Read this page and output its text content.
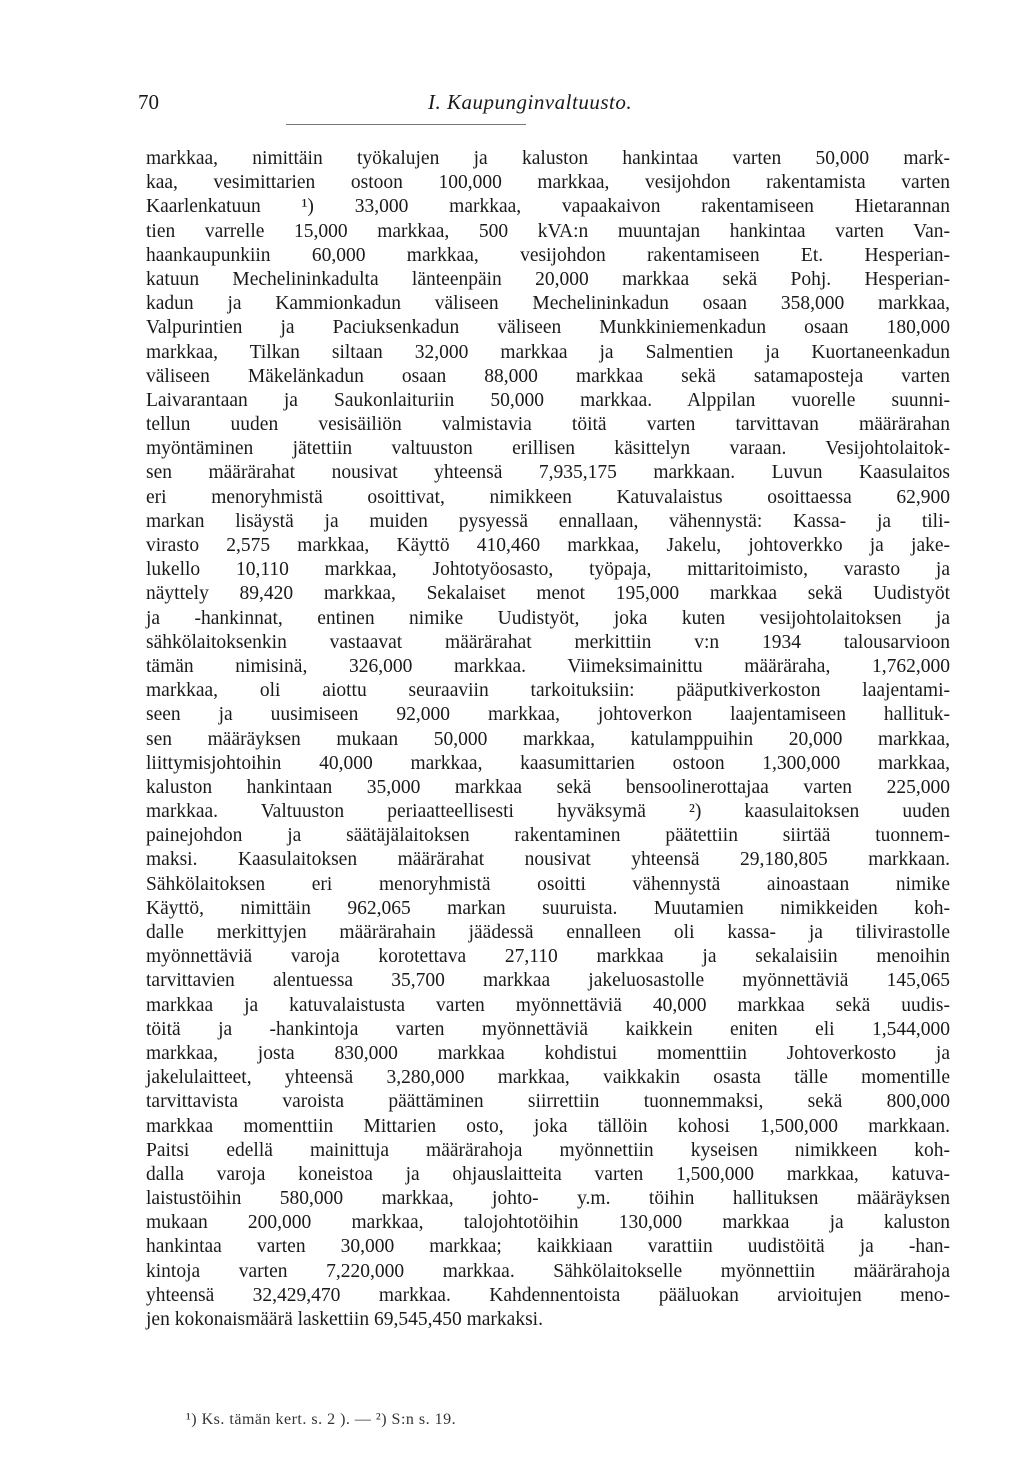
70	I. Kaupunginvaltuusto.
markkaa, nimittäin työkalujen ja kaluston hankintaa varten 50,000 mark-
kaa, vesimittarien ostoon 100,000 markkaa, vesijohdon rakentamista varten
Kaarlenkatuun ¹) 33,000 markkaa, vapaakaivon rakentamiseen Hietarannan
tien varrelle 15,000 markkaa, 500 kVA:n muuntajan hankintaa varten Van-
haankaupunkiin 60,000 markkaa, vesijohdon rakentamiseen Et. Hesperian-
katuun Mechelininkadulta länteenpäin 20,000 markkaa sekä Pohj. Hesperian-
kadun ja Kammionkadun väliseen Mechelininkadun osaan 358,000 markkaa,
Valpurintien ja Paciuksenkadun väliseen Munkkiniemenkadun osaan 180,000
markkaa, Tilkan siltaan 32,000 markkaa ja Salmentien ja Kuortaneenkadun
väliseen Mäkelänkadun osaan 88,000 markkaa sekä satamaposteja varten
Laivarantaan ja Saukonlaituriin 50,000 markkaa. Alppilan vuorelle suunni-
tellun uuden vesisäiliön valmistavia töitä varten tarvittavan määrärahan
myöntäminen jätettiin valtuuston erillisen käsittelyn varaan. Vesijohtolaitok-
sen määrärahat nousivat yhteensä 7,935,175 markkaan. Luvun Kaasulaitos
eri menoryhmistä osoittivat, nimikkeen Katuvalaistus osoittaessa 62,900
markan lisäystä ja muiden pysyessä ennallaan, vähennystä: Kassa- ja tili-
virasto 2,575 markkaa, Käyttö 410,460 markkaa, Jakelu, johtoverkko ja jake-
lukello 10,110 markkaa, Johtotyöosasto, työpaja, mittaritoimisto, varasto ja
näyttely 89,420 markkaa, Sekalaiset menot 195,000 markkaa sekä Uudistyöt
ja -hankinnat, entinen nimike Uudistyöt, joka kuten vesijohtolaitoksen ja
sähkölaitoksenkin vastaavat määrärahat merkittiin v:n 1934 talousarvioon
tämän nimisinä, 326,000 markkaa. Viimeksimainittu määräraha, 1,762,000
markkaa, oli aiottu seuraaviin tarkoituksiin: pääputkiverkoston laajentami-
seen ja uusimiseen 92,000 markkaa, johtoverkon laajentamiseen hallituk-
sen määräyksen mukaan 50,000 markkaa, katulamppuihin 20,000 markkaa,
liittymisjohtoihin 40,000 markkaa, kaasumittarien ostoon 1,300,000 markkaa,
kaluston hankintaan 35,000 markkaa sekä bensoolinerottajaa varten 225,000
markkaa. Valtuuston periaatteellisesti hyväksymä ²) kaasulaitoksen uuden
painejohdon ja säätäjälaitoksen rakentaminen päätettiin siirtää tuonnem-
maksi. Kaasulaitoksen määrärahat nousivat yhteensä 29,180,805 markkaan.
Sähkölaitoksen eri menoryhmistä osoitti vähennystä ainoastaan nimike
Käyttö, nimittäin 962,065 markan suuruista. Muutamien nimikkeiden koh-
dalle merkittyjen määrärahain jäädessä ennalleen oli kassa- ja tilivirastolle
myönnettäviä varoja korotettava 27,110 markkaa ja sekalaisiin menoihin
tarvittavien alentuessa 35,700 markkaa jakeluosastolle myönnettäviä 145,065
markkaa ja katuvalaistusta varten myönnettäviä 40,000 markkaa sekä uudis-
töitä ja -hankintoja varten myönnettäviä kaikkein eniten eli 1,544,000
markkaa, josta 830,000 markkaa kohdistui momenttiin Johtoverkosto ja
jakelulaitteet, yhteensä 3,280,000 markkaa, vaikkakin osasta tälle momentille
tarvittavista varoista päättäminen siirrettiin tuonnemmaksi, sekä 800,000
markkaa momenttiin Mittarien osto, joka tällöin kohosi 1,500,000 markkaan.
Paitsi edellä mainittuja määrärahoja myönnettiin kyseisen nimikkeen koh-
dalla varoja koneistoa ja ohjauslaitteita varten 1,500,000 markkaa, katuva-
laistustöihin 580,000 markkaa, johto- y.m. töihin hallituksen määräyksen
mukaan 200,000 markkaa, talojohtotöihin 130,000 markkaa ja kaluston
hankintaa varten 30,000 markkaa; kaikkiaan varattiin uudistöitä ja -han-
kintoja varten 7,220,000 markkaa. Sähkölaitokselle myönnettiin määrärahoja
yhteensä 32,429,470 markkaa. Kahdennentoista pääluokan arvioitujen meno-
jen kokonaismäärä laskettiin 69,545,450 markaksi.
¹) Ks. tämän kert. s. 2 ). — ²) S:n s. 19.
